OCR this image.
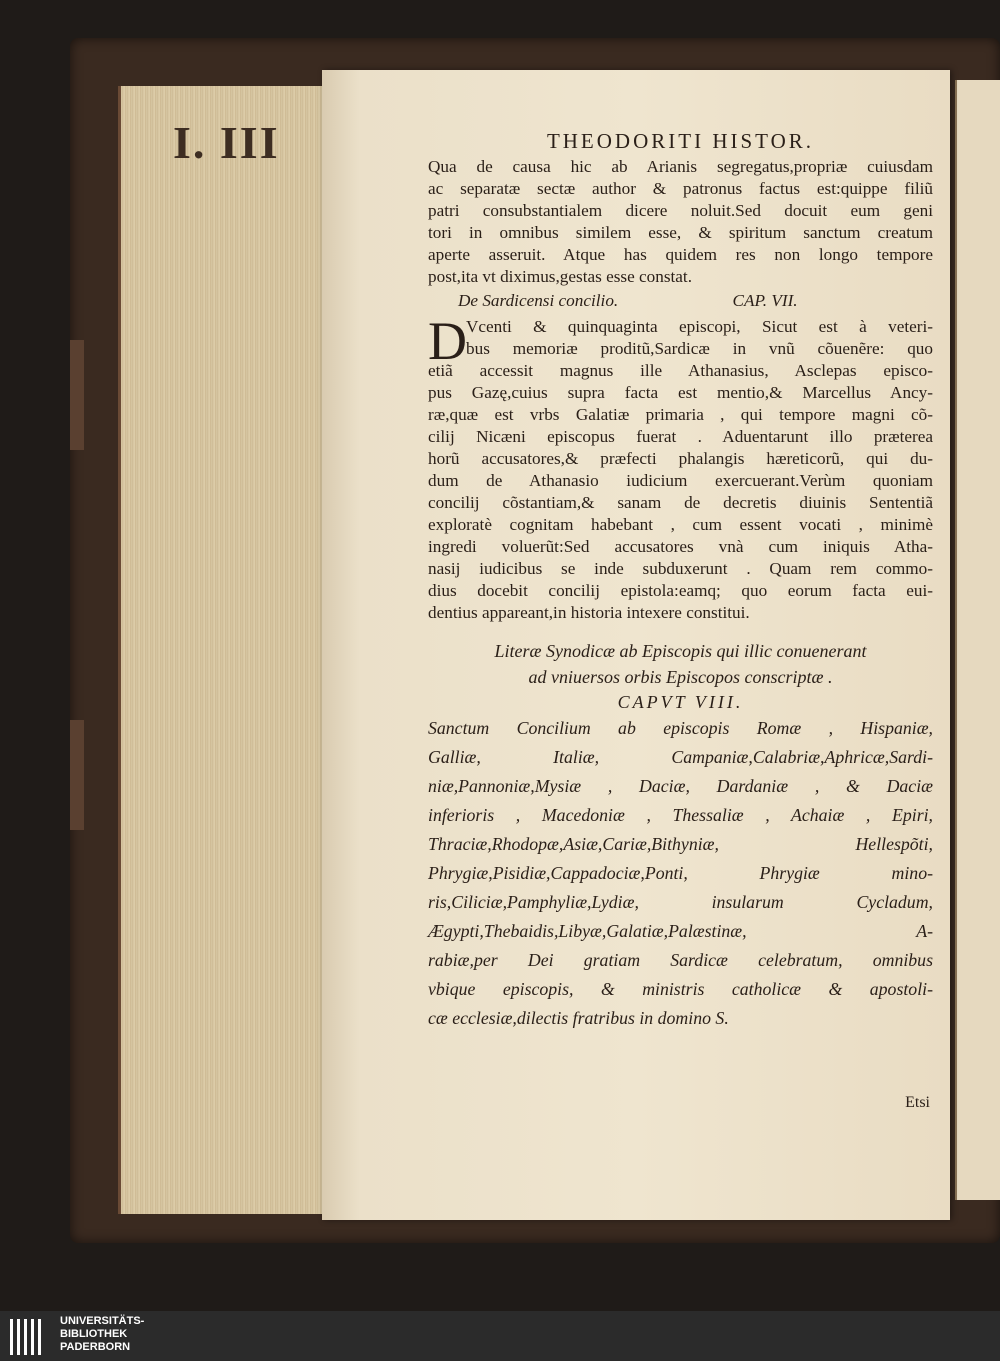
I. III	THEODORITI HISTOR.
Qua de causa hic ab Arianis segregatus,propriæ cuiusdam
ac separatæ sectæ author & patronus factus est:quippe filiũ
patri consubstantialem dicere noluit.Sed docuit eum geni
tori in omnibus similem esse, & spiritum sanctum creatum
aperte asseruit. Atque has quidem res non longo tempore
post,ita vt diximus,gestas esse constat.
De Sardicensi concilio.	CAP. VII.
D Vcenti & quinquaginta episcopi, Sicut est à veteri-
bus memoriæ proditũ,Sardicæ in vnũ cõuenẽre: quo
etiã accessit magnus ille Athanasius, Asclepas episco-
pus Gazę,cuius supra facta est mentio,& Marcellus Ancy-
ræ,quæ est vrbs Galatiæ primaria , qui tempore magni cõ-
cilij Nicæni episcopus fuerat . Aduentarunt illo præterea
horũ accusatores,& præfecti phalangis hæreticorũ, qui du-
dum de Athanasio iudicium exercuerant.Verùm quoniam
concilij cõstantiam,& sanam de decretis diuinis Sententiã
exploratè cognitam habebant , cum essent vocati , minimè
ingredi voluerũt:Sed accusatores vnà cum iniquis Atha-
nasij iudicibus se inde subduxerunt . Quam rem commo-
dius docebit concilij epistola:eamq; quo eorum facta eui-
dentius appareant,in historia intexere constitui.
Literæ Synodicæ ab Episcopis qui illic conuenerant
ad vniuersos orbis Episcopos conscriptæ .
CAPVT VIII.
Sanctum Concilium ab episcopis Romæ , Hispaniæ,
Galliæ, Italiæ, Campaniæ,Calabriæ,Aphricæ,Sardi-
niæ,Pannoniæ,Mysiæ , Daciæ, Dardaniæ , & Daciæ
inferioris , Macedoniæ , Thessaliæ , Achaiæ , Epiri,
Thraciæ,Rhodopæ,Asiæ,Cariæ,Bithyniæ, Hellespõti,
Phrygiæ,Pisidiæ,Cappadociæ,Ponti, Phrygiæ mino-
ris,Ciliciæ,Pamphyliæ,Lydiæ, insularum Cycladum,
Ægypti,Thebaidis,Libyæ,Galatiæ,Palæstinæ, A-
rabiæ,per Dei gratiam Sardicæ celebratum, omnibus
vbique episcopis, & ministris catholicæ & apostoli-
cæ ecclesiæ,dilectis fratribus in domino S.
Etsi
UNIVERSITÄTS-
BIBLIOTHEK
PADERBORN
